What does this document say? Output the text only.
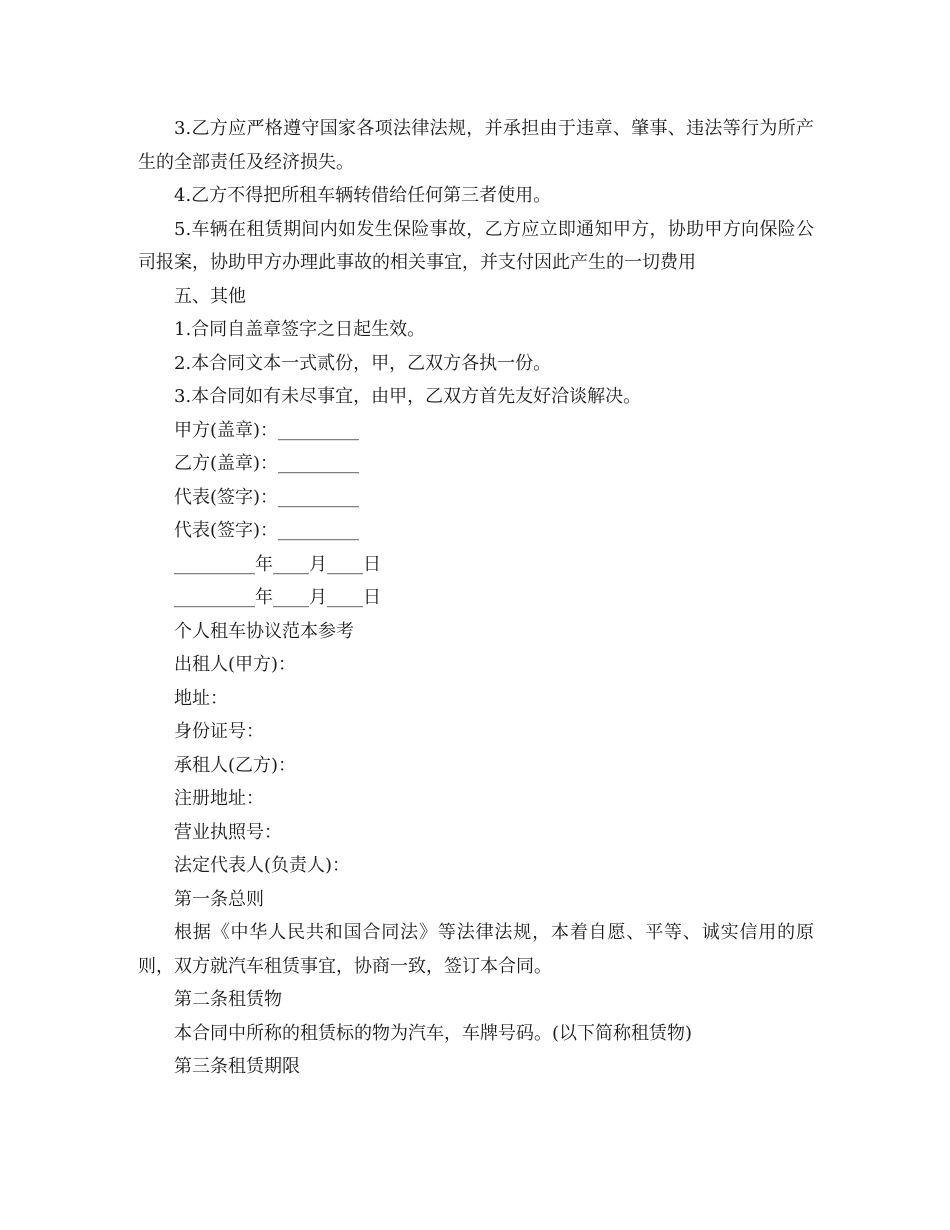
3.乙方应严格遵守国家各项法律法规，并承担由于违章、肇事、违法等行为所产生的全部责任及经济损失。

4.乙方不得把所租车辆转借给任何第三者使用。

5.车辆在租赁期间内如发生保险事故，乙方应立即通知甲方，协助甲方向保险公司报案，协助甲方办理此事故的相关事宜，并支付因此产生的一切费用

五、其他

1.合同自盖章签字之日起生效。

2.本合同文本一式贰份，甲，乙双方各执一份。

3.本合同如有未尽事宜，由甲，乙双方首先友好洽谈解决。

甲方(盖章)：_________

乙方(盖章)：_________

代表(签字)：_________

代表(签字)：_________

_________年____月____日

_________年____月____日

个人租车协议范本参考

出租人(甲方)：

地址：

身份证号：

承租人(乙方)：

注册地址：

营业执照号：

法定代表人(负责人)：

第一条总则

根据《中华人民共和国合同法》等法律法规，本着自愿、平等、诚实信用的原则，双方就汽车租赁事宜，协商一致，签订本合同。

第二条租赁物

本合同中所称的租赁标的物为汽车，车牌号码。(以下简称租赁物)

第三条租赁期限
